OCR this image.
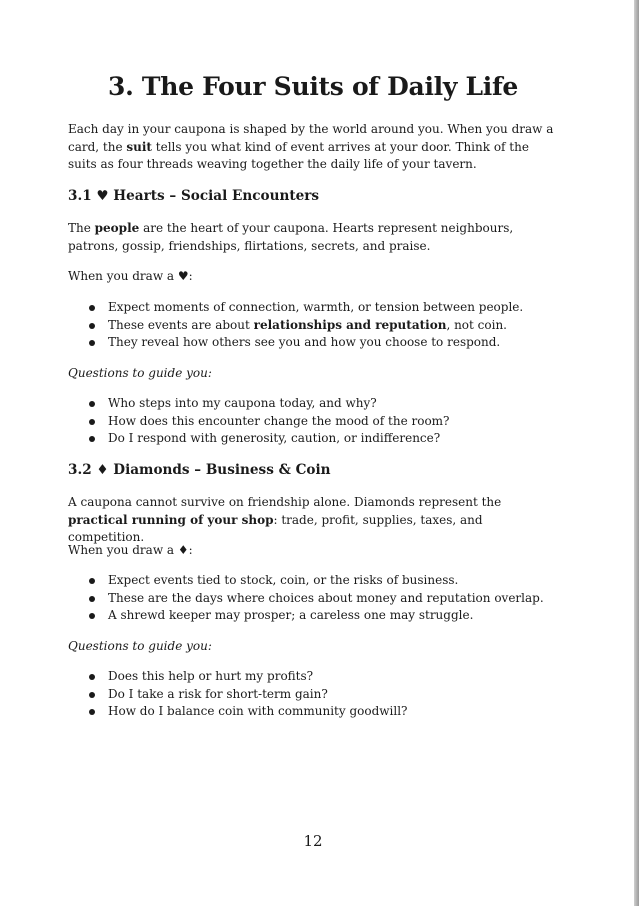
3. The Four Suits of Daily Life

Each day in your caupona is shaped by the world around you. When you draw a card, the suit tells you what kind of event arrives at your door. Think of the suits as four threads weaving together the daily life of your tavern.

3.1 ♥ Hearts – Social Encounters

The people are the heart of your caupona. Hearts represent neighbours, patrons, gossip, friendships, flirtations, secrets, and praise.

When you draw a ♥:

Expect moments of connection, warmth, or tension between people.
These events are about relationships and reputation, not coin.
They reveal how others see you and how you choose to respond.

Questions to guide you:

Who steps into my caupona today, and why?
How does this encounter change the mood of the room?
Do I respond with generosity, caution, or indifference?
3.2 ♦ Diamonds – Business & Coin

A caupona cannot survive on friendship alone. Diamonds represent the practical running of your shop: trade, profit, supplies, taxes, and competition.

When you draw a ♦:

Expect events tied to stock, coin, or the risks of business.
These are the days where choices about money and reputation overlap.
A shrewd keeper may prosper; a careless one may struggle.

Questions to guide you:

Does this help or hurt my profits?
Do I take a risk for short-term gain?
How do I balance coin with community goodwill?
12
